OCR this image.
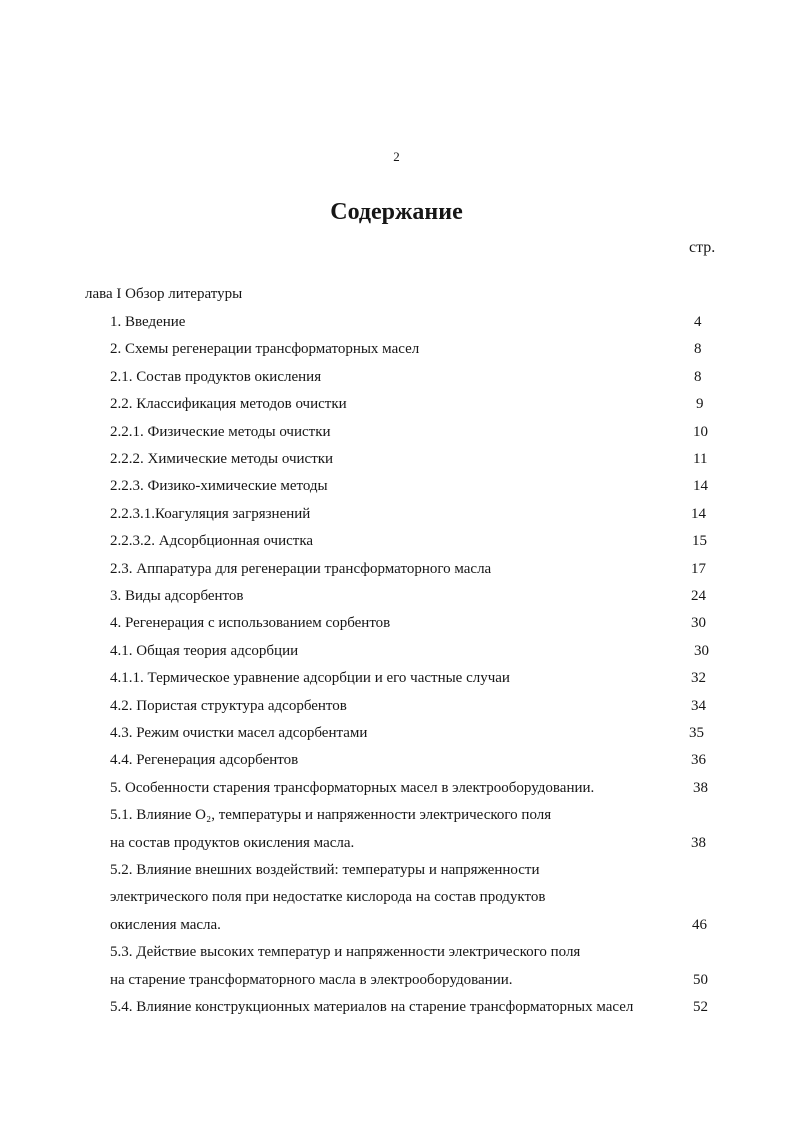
2
Содержание
стр.
лава I Обзор литературы
1. Введение	4
2. Схемы регенерации трансформаторных масел	8
2.1. Состав продуктов окисления	8
2.2. Классификация методов очистки	9
2.2.1. Физические методы очистки	10
2.2.2. Химические методы очистки	11
2.2.3. Физико-химические методы	14
2.2.3.1.Коагуляция загрязнений	14
2.2.3.2. Адсорбционная очистка	15
2.3. Аппаратура для регенерации трансформаторного масла	17
3. Виды адсорбентов	24
4. Регенерация с использованием сорбентов	30
4.1. Общая теория адсорбции	30
4.1.1. Термическое уравнение адсорбции и его частные случаи	32
4.2. Пористая структура адсорбентов	34
4.3. Режим очистки масел адсорбентами	35
4.4. Регенерация адсорбентов	36
5. Особенности старения трансформаторных масел в электрооборудовании.	38
5.1. Влияние O₂, температуры и напряженности электрического поля
на состав продуктов окисления масла.	38
5.2. Влияние внешних воздействий: температуры и напряженности
электрического поля при недостатке кислорода на состав продуктов
окисления масла.	46
5.3. Действие высоких температур и напряженности электрического поля
на старение трансформаторного масла в электрооборудовании.	50
5.4. Влияние конструкционных материалов на старение трансформаторных масел	52
